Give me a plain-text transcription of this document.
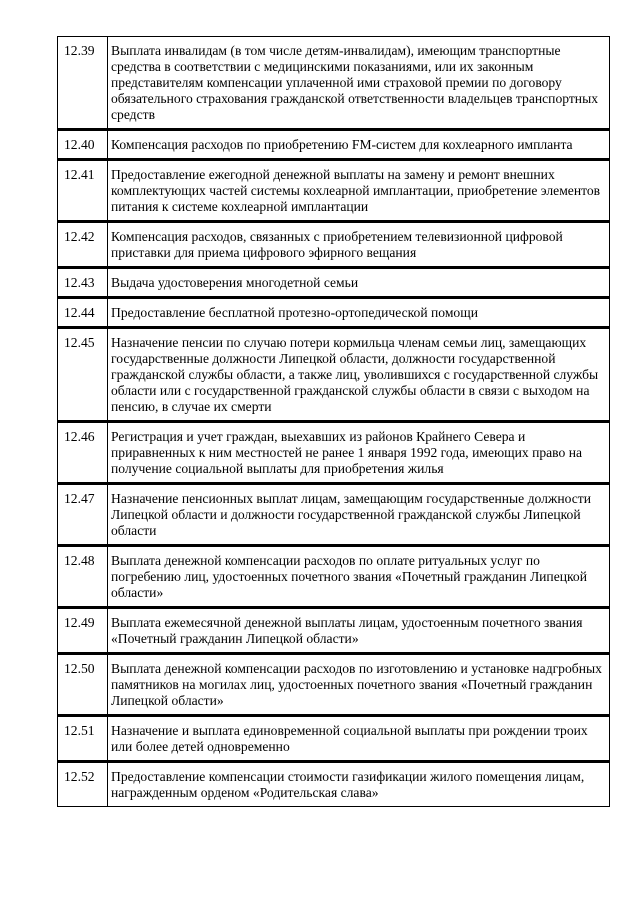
12.39	Выплата инвалидам (в том числе детям-инвалидам), имеющим транспортные средства в соответствии с медицинскими показаниями, или их законным представителям компенсации уплаченной ими страховой премии по договору обязательного страхования гражданской ответственности владельцев транспортных средств
12.40	Компенсация расходов по приобретению FM-систем для кохлеарного импланта
12.41	Предоставление ежегодной денежной выплаты на замену и ремонт внешних комплектующих частей системы кохлеарной имплантации, приобретение элементов питания к системе кохлеарной имплантации
12.42	Компенсация расходов, связанных с приобретением телевизионной цифровой приставки для приема цифрового эфирного вещания
12.43	Выдача удостоверения многодетной семьи
12.44	Предоставление бесплатной протезно-ортопедической помощи
12.45	Назначение пенсии по случаю потери кормильца членам семьи лиц, замещающих государственные должности Липецкой области, должности государственной гражданской службы области, а также лиц, уволившихся с государственной службы области или с государственной гражданской службы области в связи с выходом на пенсию, в случае их смерти
12.46	Регистрация и учет граждан, выехавших из районов Крайнего Севера и приравненных к ним местностей не ранее 1 января 1992 года, имеющих право на получение социальной выплаты для приобретения жилья
12.47	Назначение пенсионных выплат лицам, замещающим государственные должности Липецкой области и должности государственной гражданской службы Липецкой области
12.48	Выплата денежной компенсации расходов по оплате ритуальных услуг по погребению лиц, удостоенных почетного звания «Почетный гражданин Липецкой области»
12.49	Выплата ежемесячной денежной выплаты лицам, удостоенным почетного звания «Почетный гражданин Липецкой области»
12.50	Выплата денежной компенсации расходов по изготовлению и установке надгробных памятников на могилах лиц, удостоенных почетного звания «Почетный гражданин Липецкой области»
12.51	Назначение и выплата единовременной социальной выплаты при рождении троих или более детей одновременно
12.52	Предоставление компенсации стоимости газификации жилого помещения лицам, награжденным орденом «Родительская слава»
